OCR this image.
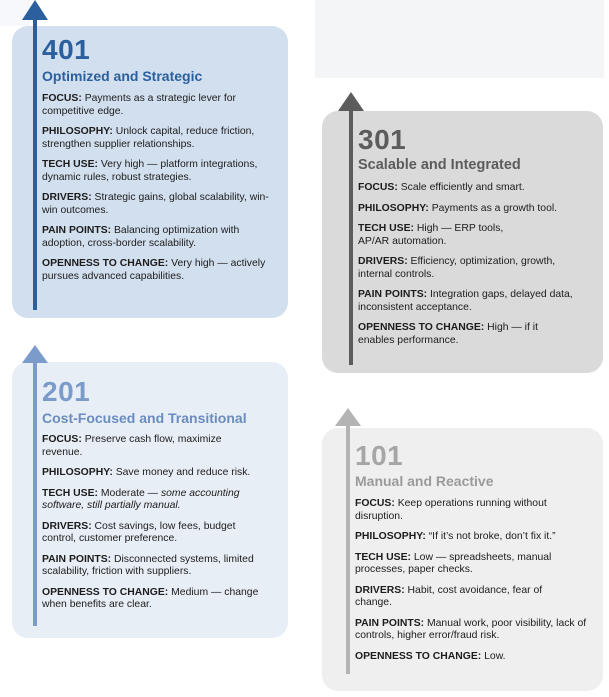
401
Optimized and Strategic
FOCUS: Payments as a strategic lever for competitive edge.
PHILOSOPHY: Unlock capital, reduce friction, strengthen supplier relationships.
TECH USE: Very high — platform integrations, dynamic rules, robust strategies.
DRIVERS: Strategic gains, global scalability, win-win outcomes.
PAIN POINTS: Balancing optimization with adoption, cross-border scalability.
OPENNESS TO CHANGE: Very high — actively pursues advanced capabilities.
301
Scalable and Integrated
FOCUS: Scale efficiently and smart.
PHILOSOPHY: Payments as a growth tool.
TECH USE: High — ERP tools, AP/AR automation.
DRIVERS: Efficiency, optimization, growth, internal controls.
PAIN POINTS: Integration gaps, delayed data, inconsistent acceptance.
OPENNESS TO CHANGE: High — if it enables performance.
201
Cost-Focused and Transitional
FOCUS: Preserve cash flow, maximize revenue.
PHILOSOPHY: Save money and reduce risk.
TECH USE: Moderate — some accounting software, still partially manual.
DRIVERS: Cost savings, low fees, budget control, customer preference.
PAIN POINTS: Disconnected systems, limited scalability, friction with suppliers.
OPENNESS TO CHANGE: Medium — change when benefits are clear.
101
Manual and Reactive
FOCUS: Keep operations running without disruption.
PHILOSOPHY: “If it’s not broke, don’t fix it.”
TECH USE: Low — spreadsheets, manual processes, paper checks.
DRIVERS: Habit, cost avoidance, fear of change.
PAIN POINTS: Manual work, poor visibility, lack of controls, higher error/fraud risk.
OPENNESS TO CHANGE: Low.
